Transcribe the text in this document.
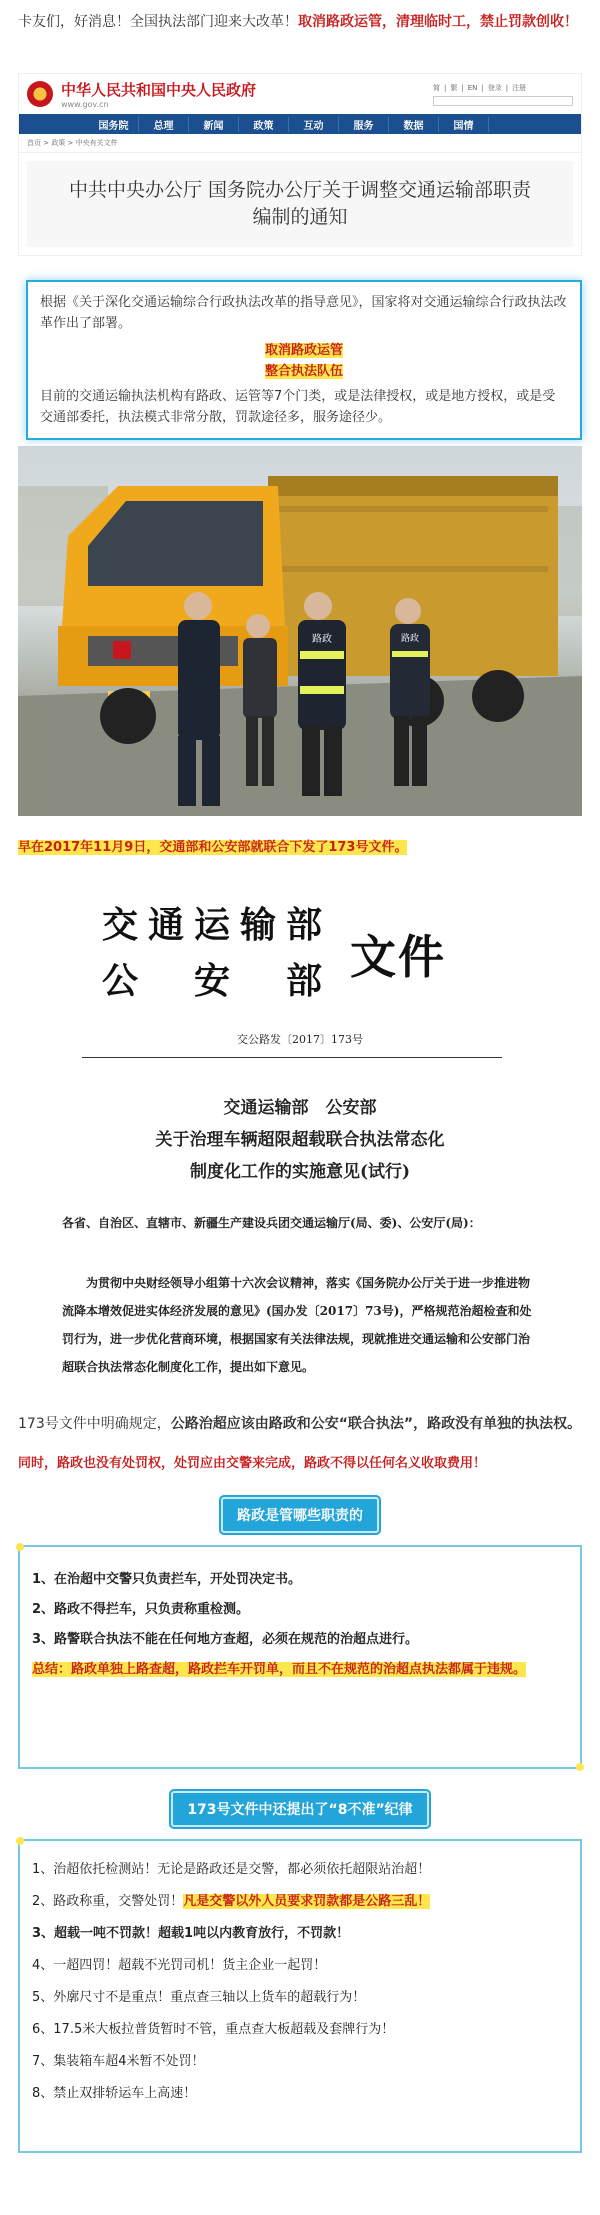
卡友们，好消息！全国执法部门迎来大改革！取消路政运管，清理临时工，禁止罚款创收！
中华人民共和国中央人民政府
www.gov.cn
简 | 繁 | EN | 登录 | 注册
国务院	总理	新闻	政策	互动	服务	数据	国情
首页 > 政策 > 中央有关文件
中共中央办公厅 国务院办公厅关于调整交通运输部职责编制的通知

根据《关于深化交通运输综合行政执法改革的指导意见》，国家将对交通运输综合行政执法改革作出了部署。

取消路政运管

整合执法队伍

目前的交通运输执法机构有路政、运管等7个门类，或是法律授权，或是地方授权，或是受交通部委托，执法模式非常分散，罚款途径多，服务途径少。

路政	路政
早在2017年11月9日，交通部和公安部就联合下发了173号文件。
交通运输部
公　安　部 文件
交公路发〔2017〕173号
交通运输部　公安部
关于治理车辆超限超载联合执法常态化
制度化工作的实施意见(试行)
各省、自治区、直辖市、新疆生产建设兵团交通运输厅(局、委)、公安厅(局)：
为贯彻中央财经领导小组第十六次会议精神，落实《国务院办公厅关于进一步推进物流降本增效促进实体经济发展的意见》(国办发〔2017〕73号)，严格规范治超检查和处罚行为，进一步优化营商环境，根据国家有关法律法规，现就推进交通运输和公安部门治超联合执法常态化制度化工作，提出如下意见。
173号文件中明确规定，公路治超应该由路政和公安“联合执法”，路政没有单独的执法权。
同时，路政也没有处罚权，处罚应由交警来完成，路政不得以任何名义收取费用！
路政是管哪些职责的

1、在治超中交警只负责拦车，开处罚决定书。

2、路政不得拦车，只负责称重检测。

3、路警联合执法不能在任何地方查超，必须在规范的治超点进行。

总结：路政单独上路查超，路政拦车开罚单，而且不在规范的治超点执法都属于违规。

173号文件中还提出了“8不准”纪律

1、治超依托检测站！无论是路政还是交警，都必须依托超限站治超！

2、路政称重，交警处罚！凡是交警以外人员要求罚款都是公路三乱！

3、超载一吨不罚款！超载1吨以内教育放行，不罚款！

4、一超四罚！超载不光罚司机！货主企业一起罚！

5、外廓尺寸不是重点！重点查三轴以上货车的超载行为！

6、17.5米大板拉普货暂时不管，重点查大板超载及套牌行为！

7、集装箱车超4米暂不处罚！

8、禁止双排轿运车上高速！
